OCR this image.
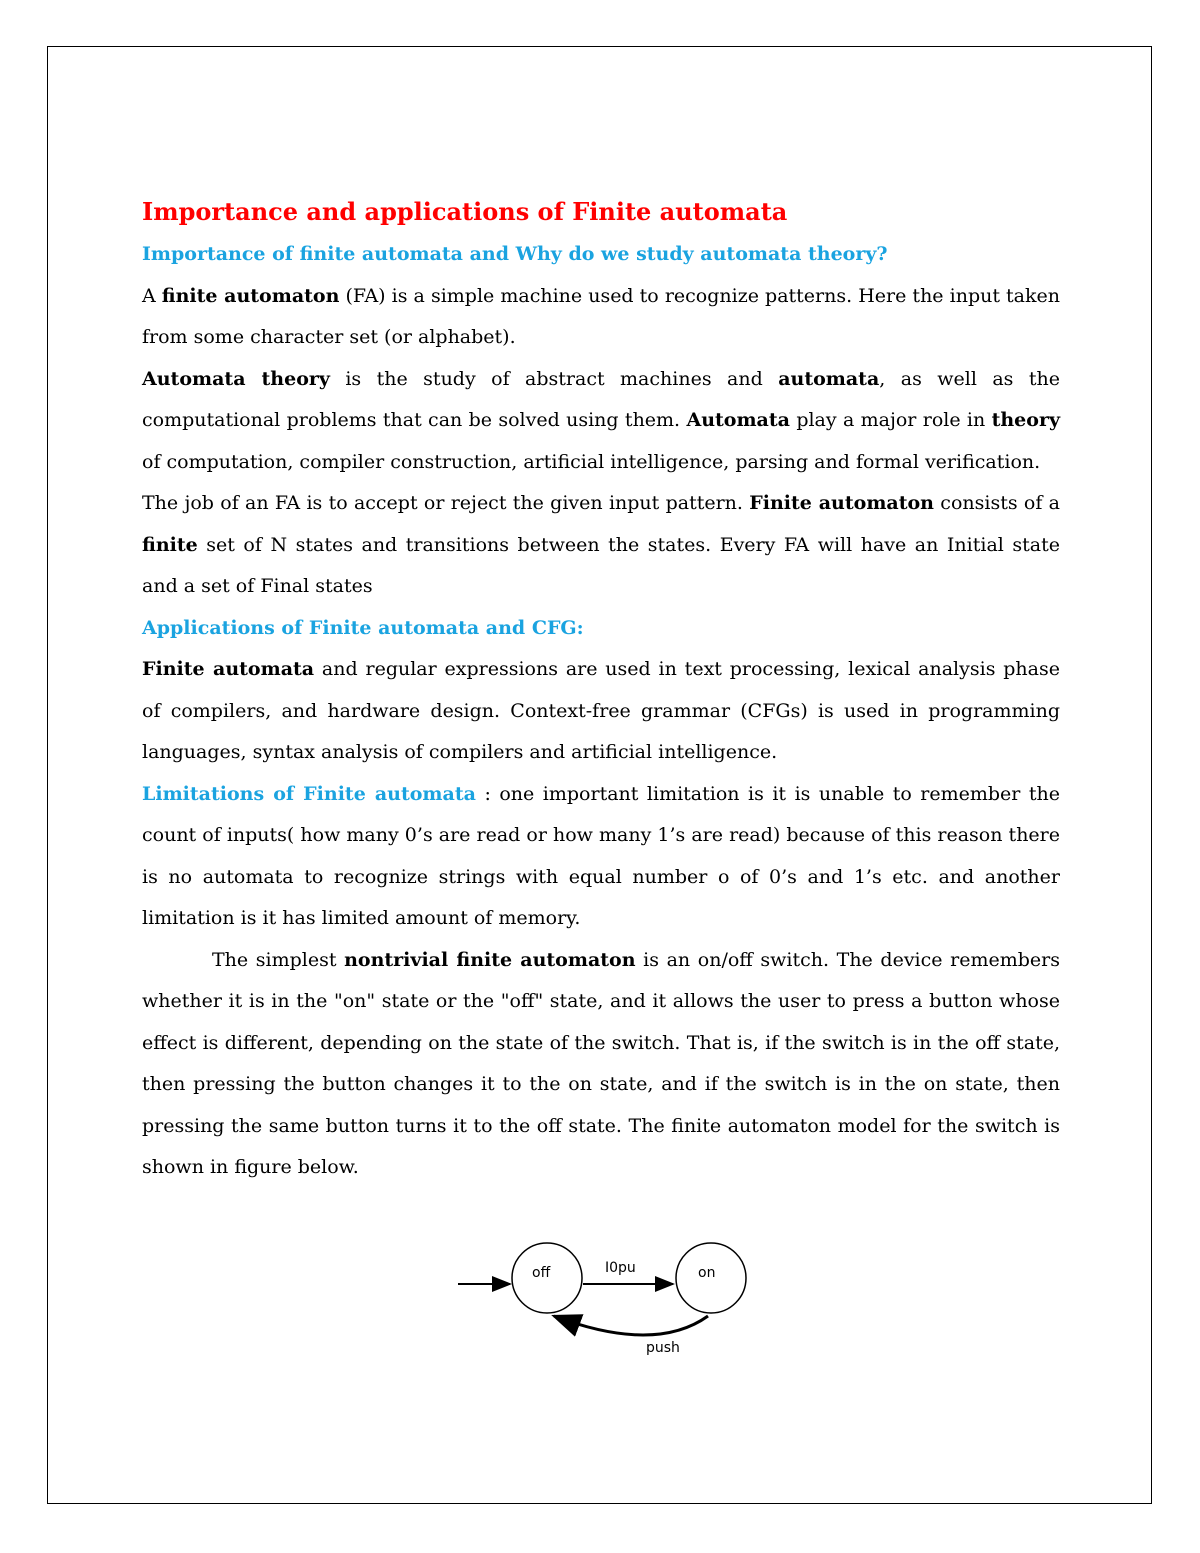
Importance and applications of Finite automata
Importance of finite automata and Why do we study automata theory?

A finite automaton (FA) is a simple machine used to recognize patterns. Here the input taken from some character set (or alphabet).

Automata theory is the study of abstract machines and automata, as well as the computational problems that can be solved using them. Automata play a major role in theory of computation, compiler construction, artificial intelligence, parsing and formal verification.

The job of an FA is to accept or reject the given input pattern. Finite automaton consists of a finite set of N states and transitions between the states. Every FA will have an Initial state and a set of Final states

Applications of Finite automata and CFG:

Finite automata and regular expressions are used in text processing, lexical analysis phase of compilers, and hardware design. Context-free grammar (CFGs) is used in programming languages, syntax analysis of compilers and artificial intelligence.

Limitations of Finite automata : one important limitation is it is unable to remember the count of inputs( how many 0’s are read or how many 1’s are read) because of this reason there is no automata to recognize strings with equal number o of 0’s and 1’s etc. and another limitation is it has limited amount of memory.

The simplest nontrivial finite automaton is an on/off switch. The device remembers whether it is in the "on" state or the "off" state, and it allows the user to press a button whose effect is different, depending on the state of the switch. That is, if the switch is in the off state, then pressing the button changes it to the on state, and if the switch is in the on state, then pressing the same button turns it to the off state. The finite automaton model for the switch is shown in figure below.

off	on
I0pu
push
